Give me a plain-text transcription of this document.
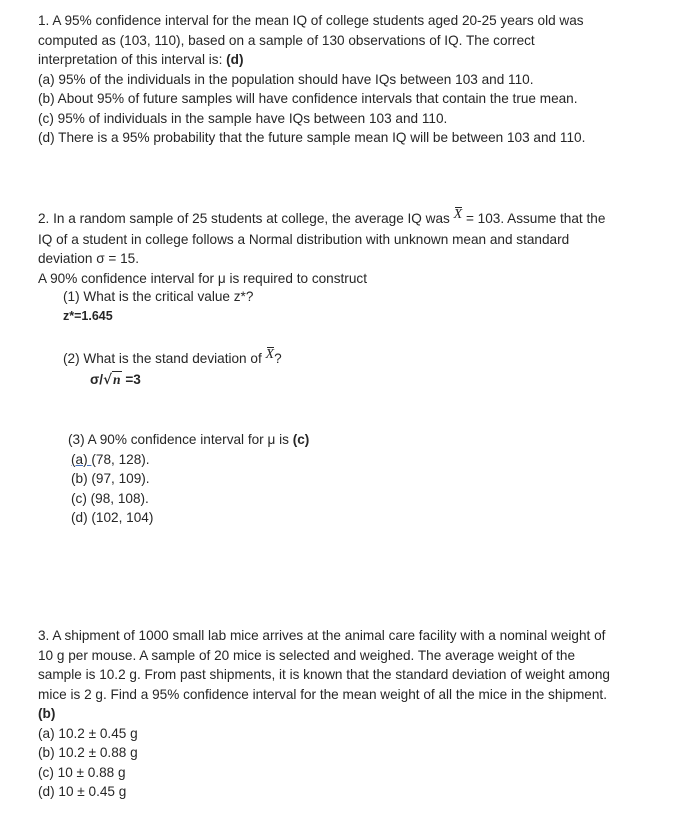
1. A 95% confidence interval for the mean IQ of college students aged 20-25 years old was
computed as (103, 110), based on a sample of 130 observations of IQ. The correct
interpretation of this interval is: (d)
(a) 95% of the individuals in the population should have IQs between 103 and 110.
(b) About 95% of future samples will have confidence intervals that contain the true mean.
(c) 95% of individuals in the sample have IQs between 103 and 110.
(d) There is a 95% probability that the future sample mean IQ will be between 103 and 110.
2. In a random sample of 25 students at college, the average IQ was X = 103. Assume that the
IQ of a student in college follows a Normal distribution with unknown mean and standard
deviation σ = 15.
A 90% confidence interval for μ is required to construct
(1) What is the critical value z*?
z*=1.645
(2) What is the stand deviation of X?
σ/√n =3
(3) A 90% confidence interval for μ is (c)
(a) (78, 128).
(b) (97, 109).
(c) (98, 108).
(d) (102, 104)
3. A shipment of 1000 small lab mice arrives at the animal care facility with a nominal weight of
10 g per mouse. A sample of 20 mice is selected and weighed. The average weight of the
sample is 10.2 g. From past shipments, it is known that the standard deviation of weight among
mice is 2 g. Find a 95% confidence interval for the mean weight of all the mice in the shipment.
(b)
(a) 10.2 ± 0.45 g
(b) 10.2 ± 0.88 g
(c) 10 ± 0.88 g
(d) 10 ± 0.45 g
